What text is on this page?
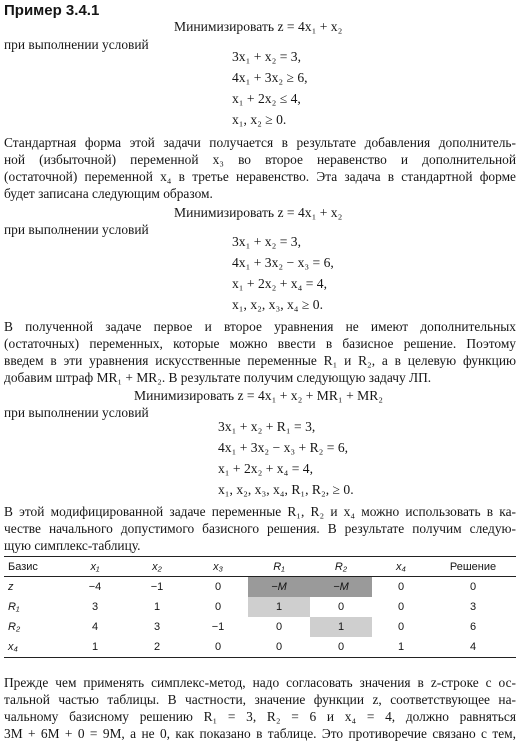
Пример 3.4.1
Минимизировать z = 4x₁ + x₂
при выполнении условий
3x₁ + x₂ = 3,
4x₁ + 3x₂ ≥ 6,
x₁ + 2x₂ ≤ 4,
x₁, x₂ ≥ 0.
Стандартная форма этой задачи получается в результате добавления дополнитель-
ной (избыточной) переменной x₃ во второе неравенство и дополнительной
(остаточной) переменной x₄ в третье неравенство. Эта задача в стандартной форме
будет записана следующим образом.
Минимизировать z = 4x₁ + x₂
при выполнении условий
3x₁ + x₂ = 3,
4x₁ + 3x₂ − x₃ = 6,
x₁ + 2x₂ + x₄ = 4,
x₁, x₂, x₃, x₄ ≥ 0.
В полученной задаче первое и второе уравнения не имеют дополнительных
(остаточных) переменных, которые можно ввести в базисное решение. Поэтому
введем в эти уравнения искусственные переменные R₁ и R₂, а в целевую функцию
добавим штраф MR₁ + MR₂. В результате получим следующую задачу ЛП.
Минимизировать z = 4x₁ + x₂ + MR₁ + MR₂
при выполнении условий
3x₁ + x₂ + R₁ = 3,
4x₁ + 3x₂ − x₃ + R₂ = 6,
x₁ + 2x₂ + x₄ = 4,
x₁, x₂, x₃, x₄, R₁, R₂, ≥ 0.
В этой модифицированной задаче переменные R₁, R₂ и x₄ можно использовать в ка-
честве начального допустимого базисного решения. В результате получим следую-
щую симплекс-таблицу.
Базис	x₁	x₂	x₃	R₁	R₂	x₄	Решение
z	−4	−1	0	−M	−M	0	0
R₁	3	1	0	1	0	0	3
R₂	4	3	−1	0	1	0	6
x₄	1	2	0	0	0	1	4
Прежде чем применять симплекс-метод, надо согласовать значения в z-строке с ос-
тальной частью таблицы. В частности, значение функции z, соответствующее на-
чальному базисному решению R₁ = 3, R₂ = 6 и x₄ = 4, должно равняться
3M + 6M + 0 = 9M, а не 0, как показано в таблице. Это противоречие связано с тем,
